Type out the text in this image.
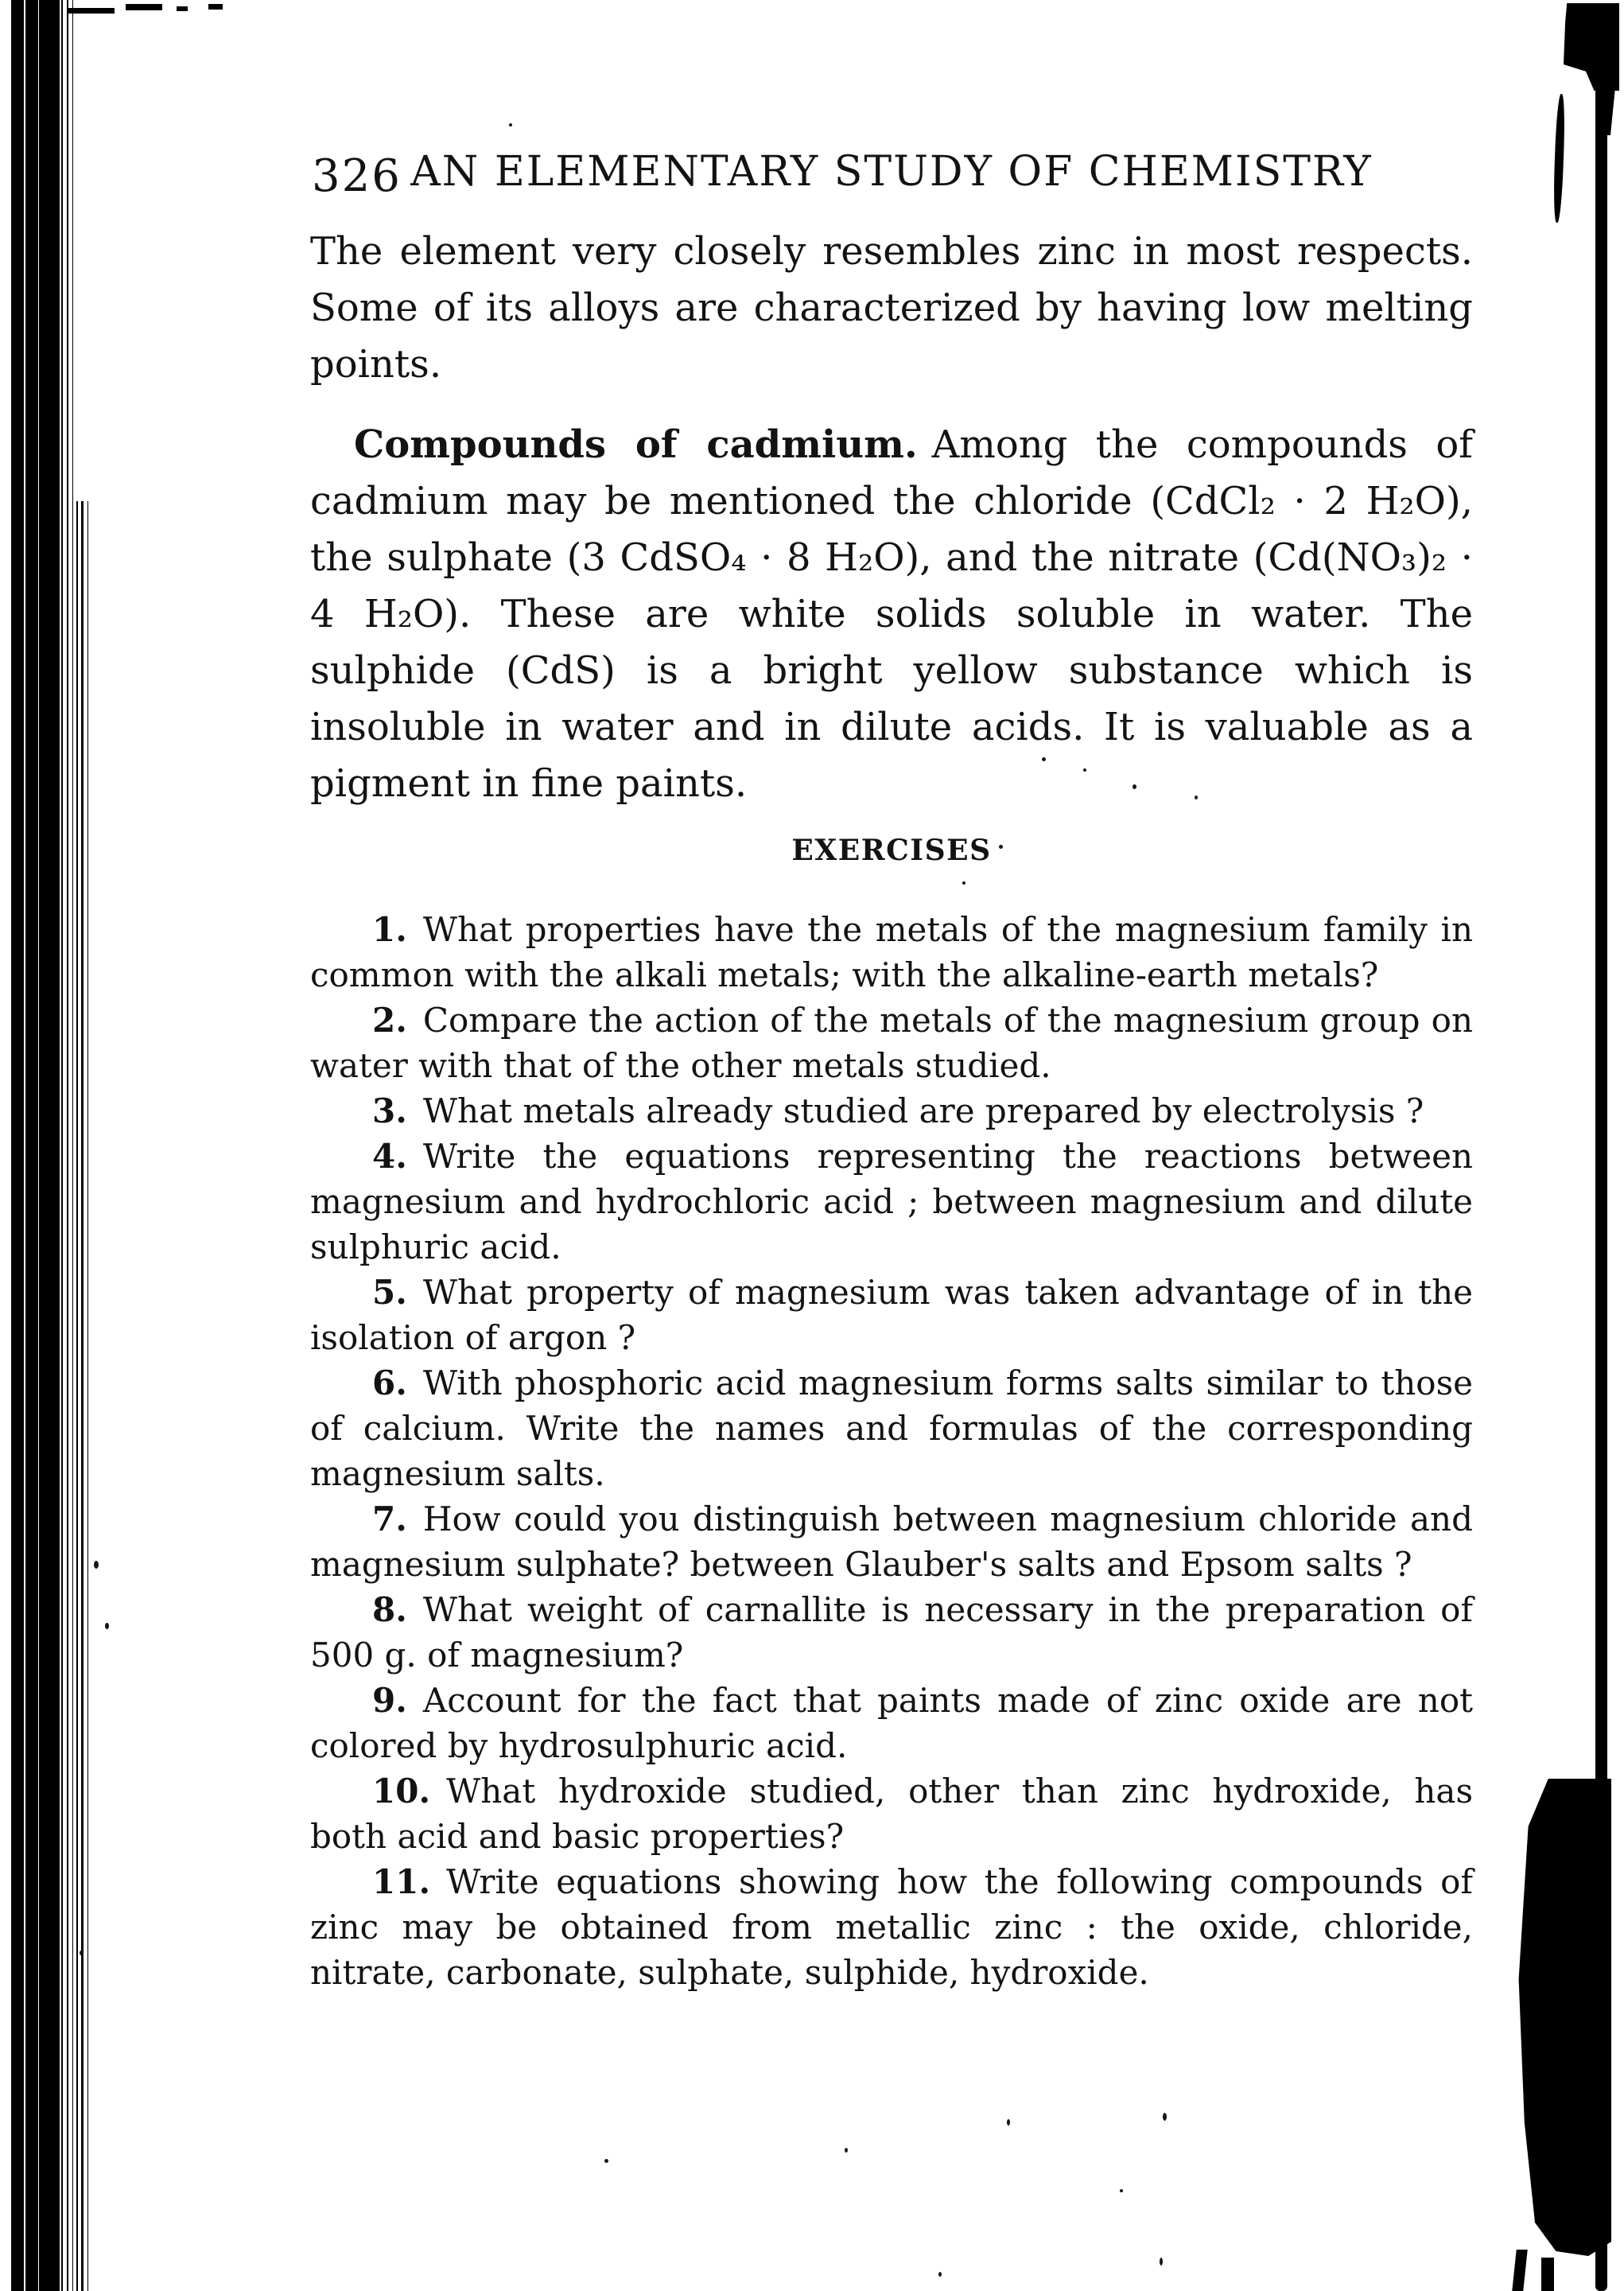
326 AN ELEMENTARY STUDY OF CHEMISTRY

The element very closely resembles zinc in most respects. Some of its alloys are characterized by having low melting points.

Compounds of cadmium. Among the compounds of cadmium may be mentioned the chloride (CdCl₂ · 2 H₂O), the sulphate (3 CdSO₄ · 8 H₂O), and the nitrate (Cd(NO₃)₂ · 4 H₂O). These are white solids soluble in water. The sulphide (CdS) is a bright yellow substance which is insoluble in water and in dilute acids. It is valuable as a pigment in fine paints.

EXERCISES

1. What properties have the metals of the magnesium family in common with the alkali metals; with the alkaline-earth metals?

2. Compare the action of the metals of the magnesium group on water with that of the other metals studied.

3. What metals already studied are prepared by electrolysis ?

4. Write the equations representing the reactions between magnesium and hydrochloric acid ; between magnesium and dilute sulphuric acid.

5. What property of magnesium was taken advantage of in the isolation of argon ?

6. With phosphoric acid magnesium forms salts similar to those of calcium. Write the names and formulas of the corresponding magnesium salts.

7. How could you distinguish between magnesium chloride and magnesium sulphate? between Glauber's salts and Epsom salts ?

8. What weight of carnallite is necessary in the preparation of 500 g. of magnesium?

9. Account for the fact that paints made of zinc oxide are not colored by hydrosulphuric acid.

10. What hydroxide studied, other than zinc hydroxide, has both acid and basic properties?

11. Write equations showing how the following compounds of zinc may be obtained from metallic zinc : the oxide, chloride, nitrate, carbonate, sulphate, sulphide, hydroxide.
